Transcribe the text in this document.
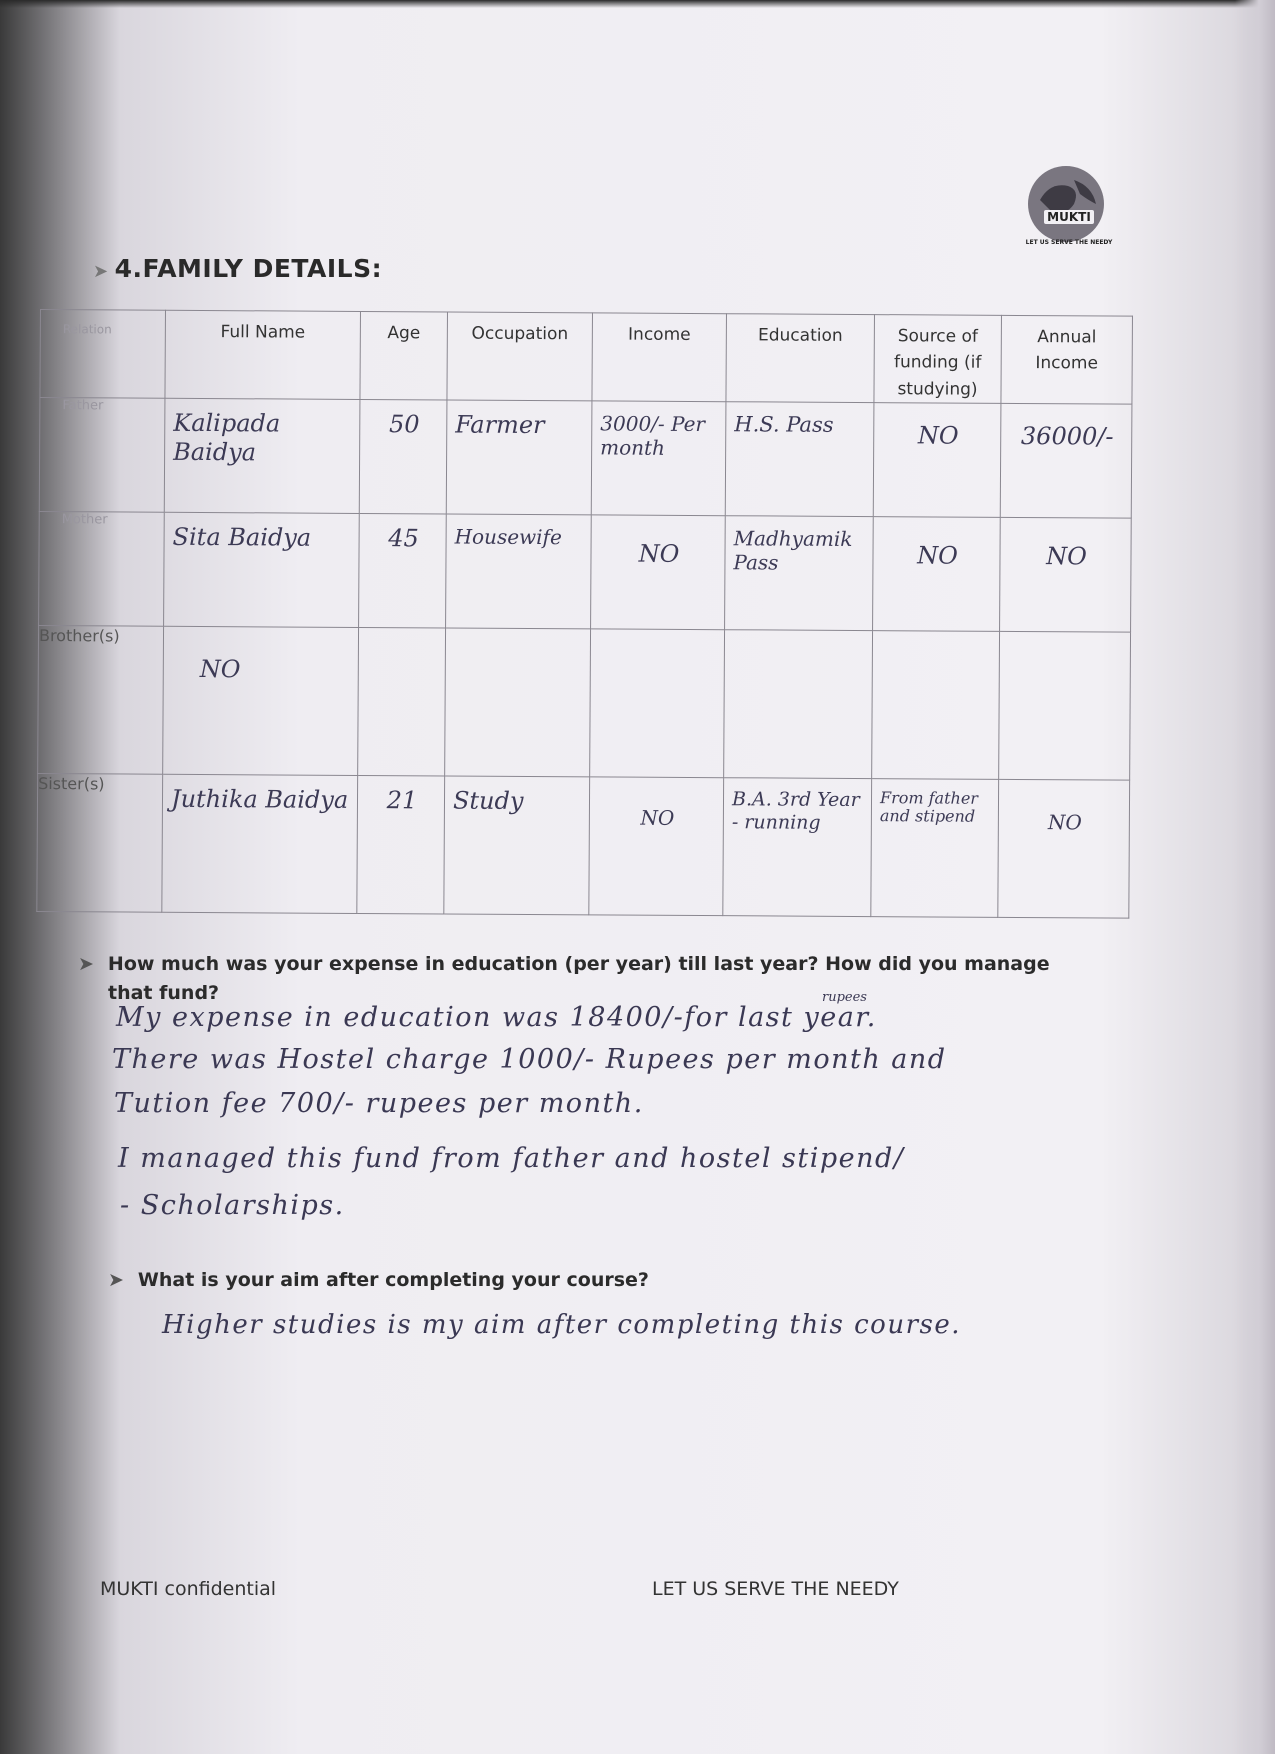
MUKTI
LET US SERVE THE NEEDY
➤ 4.FAMILY DETAILS:
Relation	Full Name	Age	Occupation	Income	Education	Source of funding (if studying)	Annual Income
Father	Kalipada Baidya	50	Farmer	3000/- Per month	H.S. Pass	NO	36000/-

Mother	Sita Baidya	45	Housewife	NO	Madhyamik Pass	NO	NO

Brother(s)	NO						

Sister(s)	Juthika Baidya	21	Study	NO	B.A. 3rd Year - running	From father and stipend	NO
➤ How much was your expense in education (per year) till last year? How did you manage
that fund?	rupees
My expense in education was 18400/-for last year.
There was Hostel charge 1000/- Rupees per month and
Tution fee 700/- rupees per month.
I managed this fund from father and hostel stipend/
- Scholarships.
➤ What is your aim after completing your course?
Higher studies is my aim after completing this course.
MUKTI confidential	LET US SERVE THE NEEDY
